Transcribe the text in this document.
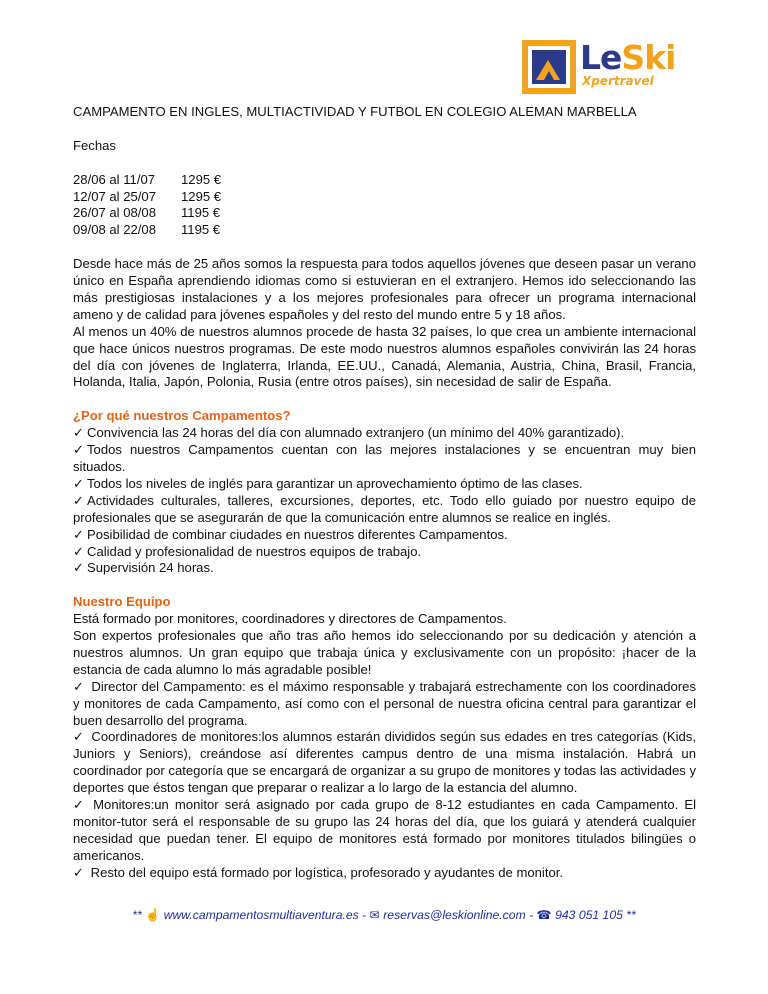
LeSki
Xpertravel
CAMPAMENTO EN INGLES, MULTIACTIVIDAD Y FUTBOL EN COLEGIO ALEMAN MARBELLA
Fechas
28/06 al 11/07	1295 €
12/07 al 25/07	1295 €
26/07 al 08/08	1195 €
09/08 al 22/08	1195 €

Desde hace más de 25 años somos la respuesta para todos aquellos jóvenes que deseen pasar un verano único en España aprendiendo idiomas como si estuvieran en el extranjero. Hemos ido seleccionando las más prestigiosas instalaciones y a los mejores profesionales para ofrecer un programa internacional ameno y de calidad para jóvenes españoles y del resto del mundo entre 5 y 18 años.

Al menos un 40% de nuestros alumnos procede de hasta 32 países, lo que crea un ambiente internacional que hace únicos nuestros programas. De este modo nuestros alumnos españoles convivirán las 24 horas del día con jóvenes de Inglaterra, Irlanda, EE.UU., Canadá, Alemania, Austria, China, Brasil, Francia, Holanda, Italia, Japón, Polonia, Rusia (entre otros países), sin necesidad de salir de España.

¿Por qué nuestros Campamentos?

✓ Convivencia las 24 horas del día con alumnado extranjero (un mínimo del 40% garantizado).

✓ Todos nuestros Campamentos cuentan con las mejores instalaciones y se encuentran muy bien situados.

✓ Todos los niveles de inglés para garantizar un aprovechamiento óptimo de las clases.

✓ Actividades culturales, talleres, excursiones, deportes, etc. Todo ello guiado por nuestro equipo de profesionales que se asegurarán de que la comunicación entre alumnos se realice en inglés.

✓ Posibilidad de combinar ciudades en nuestros diferentes Campamentos.

✓ Calidad y profesionalidad de nuestros equipos de trabajo.

✓ Supervisión 24 horas.

Nuestro Equipo

Está formado por monitores, coordinadores y directores de Campamentos.

Son expertos profesionales que año tras año hemos ido seleccionando por su dedicación y atención a nuestros alumnos. Un gran equipo que trabaja única y exclusivamente con un propósito: ¡hacer de la estancia de cada alumno lo más agradable posible!

✓ Director del Campamento: es el máximo responsable y trabajará estrechamente con los coordinadores y monitores de cada Campamento, así como con el personal de nuestra oficina central para garantizar el buen desarrollo del programa.

✓ Coordinadores de monitores:los alumnos estarán divididos según sus edades en tres categorías (Kids, Juniors y Seniors), creándose así diferentes campus dentro de una misma instalación. Habrá un coordinador por categoría que se encargará de organizar a su grupo de monitores y todas las actividades y deportes que éstos tengan que preparar o realizar a lo largo de la estancia del alumno.

✓ Monitores:un monitor será asignado por cada grupo de 8-12 estudiantes en cada Campamento. El monitor-tutor será el responsable de su grupo las 24 horas del día, que los guiará y atenderá cualquier necesidad que puedan tener. El equipo de monitores está formado por monitores titulados bilingües o americanos.

✓ Resto del equipo está formado por logística, profesorado y ayudantes de monitor.

** ☝ www.campamentosmultiaventura.es - ✉ reservas@leskionline.com - ☎ 943 051 105 **
